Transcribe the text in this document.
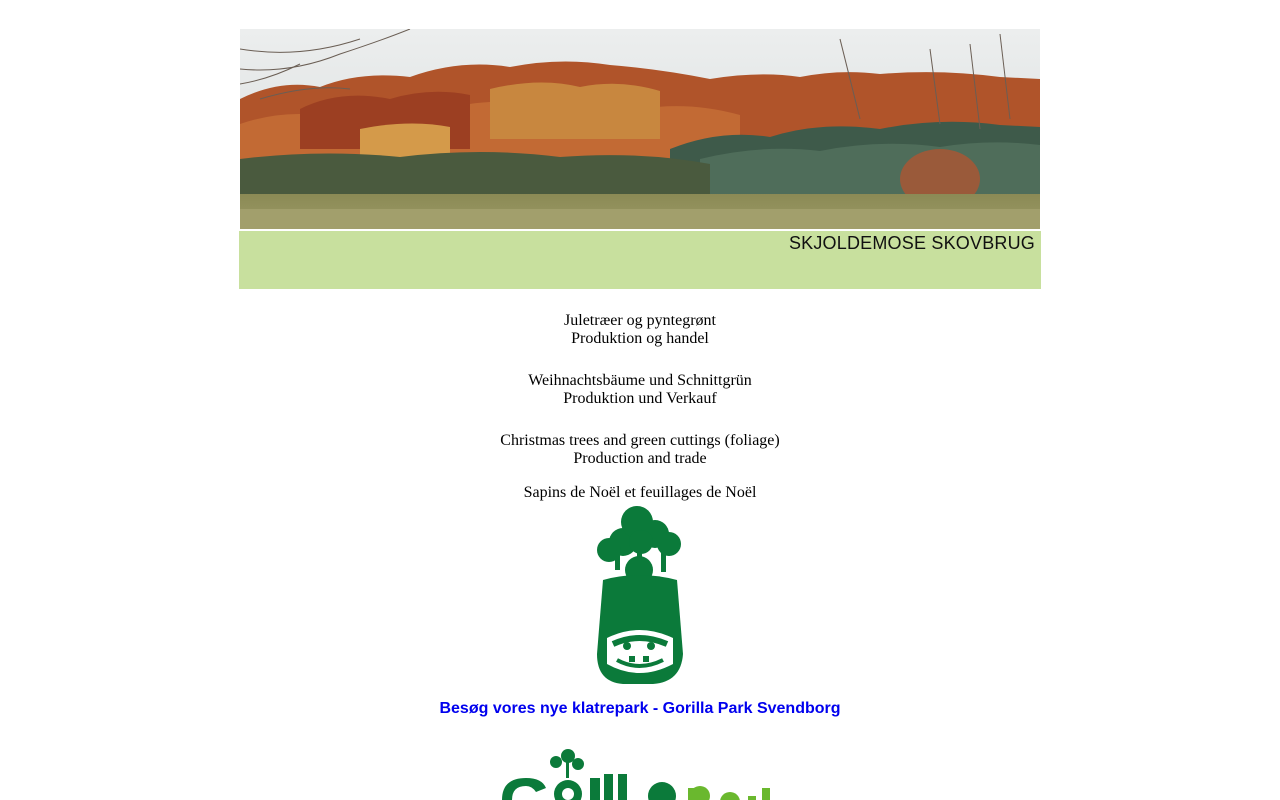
SKJOLDEMOSE SKOVBRUG
Juletræer og pyntegrønt
Produktion og handel
Weihnachtsbäume und Schnittgrün
Produktion und Verkauf
Christmas trees and green cuttings (foliage)
Production and trade
Sapins de Noël et feuillages de Noël
Besøg vores nye klatrepark - Gorilla Park Svendborg
